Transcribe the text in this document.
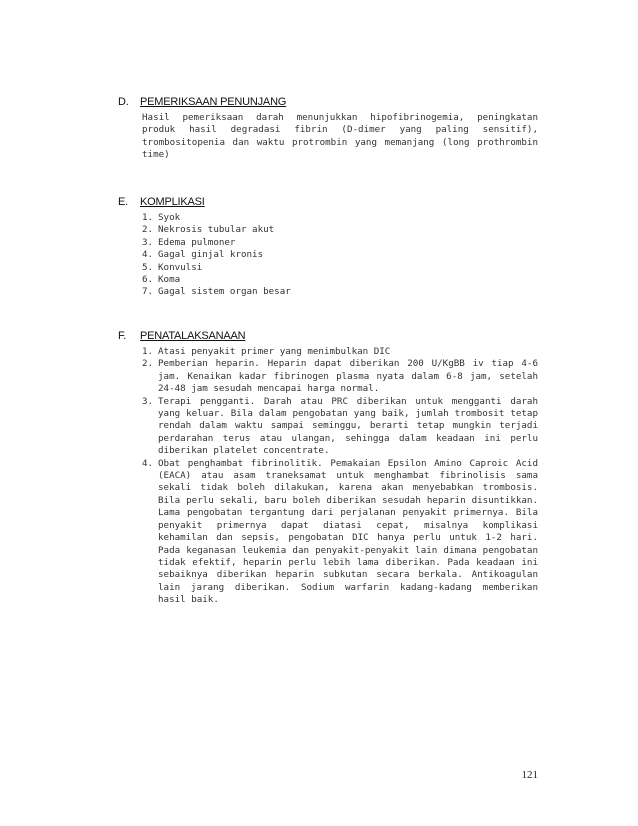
D. PEMERIKSAAN PENUNJANG
Hasil pemeriksaan darah menunjukkan hipofibrinogemia, peningkatan produk hasil degradasi fibrin (D-dimer yang paling sensitif), trombositopenia dan waktu protrombin yang memanjang (long prothrombin time)
E. KOMPLIKASI
1. Syok
2. Nekrosis tubular akut
3. Edema pulmoner
4. Gagal ginjal kronis
5. Konvulsi
6. Koma
7. Gagal sistem organ besar
F. PENATALAKSANAAN
1. Atasi penyakit primer yang menimbulkan DIC
2. Pemberian heparin. Heparin dapat diberikan 200 U/KgBB iv tiap 4-6 jam. Kenaikan kadar fibrinogen plasma nyata dalam 6-8 jam, setelah 24-48 jam sesudah mencapai harga normal.
3. Terapi pengganti. Darah atau PRC diberikan untuk mengganti darah yang keluar. Bila dalam pengobatan yang baik, jumlah trombosit tetap rendah dalam waktu sampai seminggu, berarti tetap mungkin terjadi perdarahan terus atau ulangan, sehingga dalam keadaan ini perlu diberikan platelet concentrate.
4. Obat penghambat fibrinolitik. Pemakaian Epsilon Amino Caproic Acid (EACA) atau asam traneksamat untuk menghambat fibrinolisis sama sekali tidak boleh dilakukan, karena akan menyebabkan trombosis. Bila perlu sekali, baru boleh diberikan sesudah heparin disuntikkan. Lama pengobatan tergantung dari perjalanan penyakit primernya. Bila penyakit primernya dapat diatasi cepat, misalnya komplikasi kehamilan dan sepsis, pengobatan DIC hanya perlu untuk 1-2 hari. Pada keganasan leukemia dan penyakit-penyakit lain dimana pengobatan tidak efektif, heparin perlu lebih lama diberikan. Pada keadaan ini sebaiknya diberikan heparin subkutan secara berkala. Antikoagulan lain jarang diberikan. Sodium warfarin kadang-kadang memberikan hasil baik.
121
